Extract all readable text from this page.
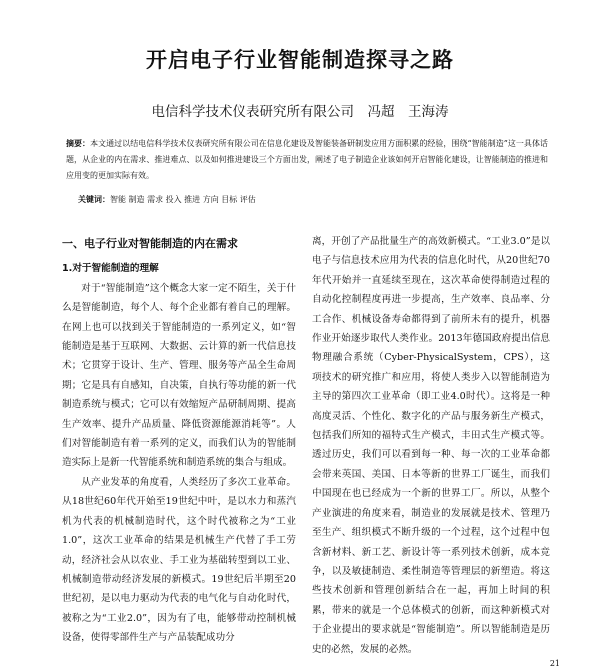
开启电子行业智能制造探寻之路
电信科学技术仪表研究所有限公司　冯超　王海涛
摘要：本文通过以结电信科学技术仪表研究所有限公司在信息化建设及智能装备研制发应用方面积累的经验，围绕“智能制造”这一具体话题，从企业的内在需求、推进难点、以及如何推进建设三个方面出发，阐述了电子制造企业该如何开启智能化建设，让智能制造的推进和应用变的更加实际有效。
关键词：智能 制造 需求 投入 推进 方向 目标 评估
一、电子行业对智能制造的内在需求
1.对于智能制造的理解

对于“智能制造”这个概念大家一定不陌生，关于什么是智能制造，每个人、每个企业都有着自己的理解。在网上也可以找到关于智能制造的一系列定义，如“智能制造是基于互联网、大数据、云计算的新一代信息技术；它贯穿于设计、生产、管理、服务等产品全生命周期；它是具有自感知，自决策，自执行等功能的新一代制造系统与模式；它可以有效缩短产品研制周期、提高生产效率、提升产品质量、降低资源能源消耗等”。人们对智能制造有着一系列的定义，而我们认为的智能制造实际上是新一代智能系统和制造系统的集合与组成。

从产业发革的角度看，人类经历了多次工业革命。从18世纪60年代开始至19世纪中叶，是以水力和蒸汽机为代表的机械制造时代，这个时代被称之为“工业1.0”，这次工业革命的结果是机械生产代替了手工劳动，经济社会从以农业、手工业为基础转型到以工业、机械制造带动经济发展的新模式。19世纪后半期至20世纪初，是以电力驱动为代表的电气化与自动化时代，被称之为“工业2.0”，因为有了电，能够带动控制机械设备，使得零部件生产与产品装配成功分

离，开创了产品批量生产的高效新模式。“工业3.0”是以电子与信息技术应用为代表的信息化时代，从20世纪70年代开始并一直延续至现在，这次革命使得制造过程的自动化控制程度再进一步提高，生产效率、良品率、分工合作、机械设备寿命都得到了前所未有的提升，机器作业开始逐步取代人类作业。2013年德国政府提出信息物理融合系统（Cyber-PhysicalSystem，CPS），这项技术的研究推广和应用，将使人类步入以智能制造为主导的第四次工业革命（即工业4.0时代）。这将是一种高度灵活、个性化、数字化的产品与服务新生产模式，包括我们所知的福特式生产模式，丰田式生产模式等。透过历史，我们可以看到每一种、每一次的工业革命都会带来英国、美国、日本等新的世界工厂诞生，而我们中国现在也已经成为一个新的世界工厂。所以，从整个产业演进的角度来看，制造业的发展就是技术、管理乃至生产、组织模式不断升级的一个过程，这个过程中包含新材料、新工艺、新设计等一系列技术创新，成本竞争，以及敏捷制造、柔性制造等管理层的新塑造。将这些技术创新和管理创新结合在一起，再加上时间的积累，带来的就是一个总体模式的创新，而这种新模式对于企业提出的要求就是“智能制造”。所以智能制造是历史的必然，发展的必然。

21
